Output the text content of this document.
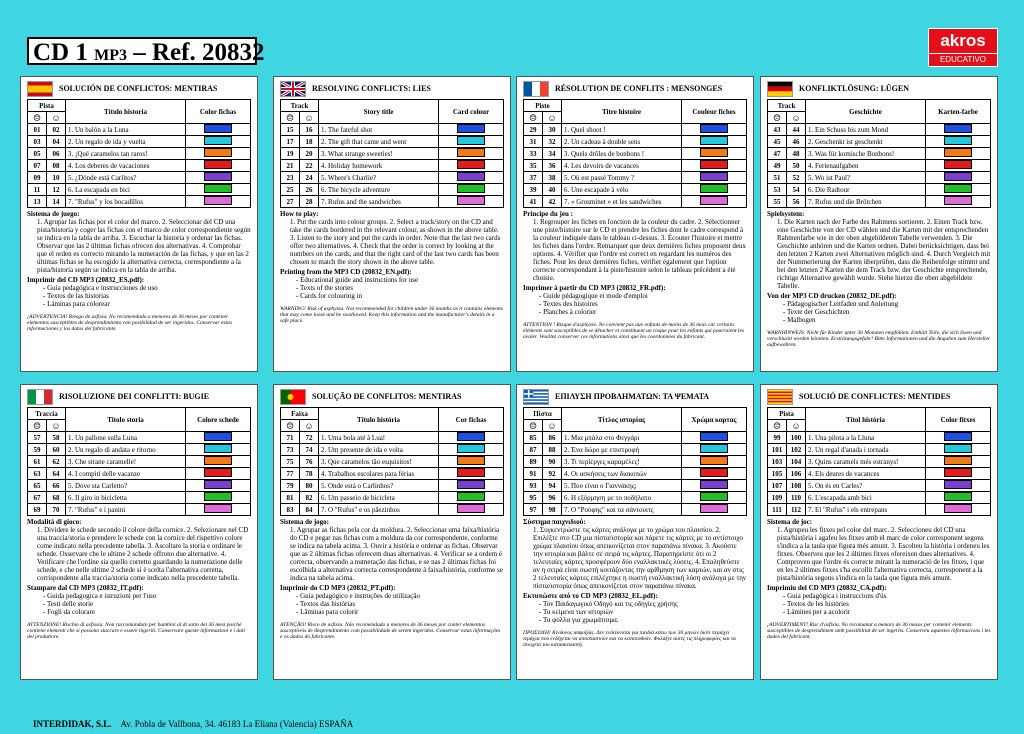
CD 1 MP3 – Ref. 20832	akros
EDUCATIVO
SOLUCIÓN DE CONFLICTOS: MENTIRAS
Pista		Título historia	Color fichas
☹	☺		
01	02	1. Un balón a la Luna	
03	04	2. Un regalo de ida y vuelta	
05	06	3. ¡Qué caramelos tan raros!	
07	08	4. Los deberes de vacaciones	
09	10	5. ¿Dónde está Carlitos?	
11	12	6. La escapada en bici	
13	14	7. "Rufus" y los bocadillos	
Sistema de juego:
1. Agrupar las fichas por el color del marco. 2. Seleccionar del CD una pista/historia y coger las fichas con el marco de color correspondiente según se indica en la tabla de arriba. 3. Escuchar la historia y ordenar las fichas. Observar que las 2 últimas fichas ofrecen dos alternativas. 4. Comprobar que el orden es correcto mirando la numeración de las fichas, y que en las 2 últimas fichas se ha escogido la alternativa correcta, correspondiente a la pista/historia según se indica en la tabla de arriba.
Imprimir del CD MP3 (20832_ES.pdf):
- Guía pedagógica e instrucciones de uso
- Textos de las historias
- Láminas para colorear
¡ADVERTENCIA! Riesgo de asfixia. No recomendado a menores de 36 meses por contener elementos susceptibles de desprendimiento con posibilidad de ser ingeridos. Conservar estas informaciones y los datos del fabricante.
RESOLVING CONFLICTS: LIES
Track		Story title	Card colour
☹	☺		
15	16	1. The fateful shot	
17	18	2. The gift that came and went	
19	20	3. What strange sweeties!	
21	22	4. Holiday homework	
23	24	5. Where's Charlie?	
25	26	6. The bicycle adventure	
27	28	7. Rufus and the sandwiches	
How to play:
1. Put the cards into colour groups. 2. Select a track/story on the CD and take the cards bordered in the relevant colour, as shown in the above table. 3. Listen to the story and put the cards in order. Note that the last two cards offer two alternatives. 4. Check that the order is correct by looking at the numbers on the cards, and that the right card of the last two cards has been chosen to match the story shown in the above table.
Printing from the MP3 CD (20832_EN.pdf):
- Educational guide and instructions for use
- Texts of the stories
- Cards for colouring in
WARNING! Risk of asphyxia. Not recommended for children under 36 months as it contains elements that may come loose and be swallowed. Keep this information and the manufacturer's details in a safe place.
RÉSOLUTION DE CONFLITS : MENSONGES
Piste		Titre histoire	Couleur fiches
☹	☺		
29	30	1. Quel shoot !	
31	32	2. Un cadeau à double sens	
33	34	3. Quels drôles de bonbons !	
35	36	4. Les devoirs de vacances	
37	38	5. Où est passé Tommy ?	
39	40	6. Une escapade à vélo	
41	42	7. « Grosminet » et les sandwiches	
Principe du jeu :
1. Regrouper les fiches en fonction de la couleur du cadre. 2. Sélectionner une piste/histoire sur le CD et prendre les fiches dont le cadre correspond à la couleur indiquée dans le tableau ci-dessus. 3. Écouter l'histoire et mettre les fiches dans l'ordre. Remarquer que deux dernières fiches proposent deux options. 4. Vérifier que l'ordre est correct en regardant les numéros des fiches. Pour les deux dernières fiches, vérifier également que l'option correcte correspondant à la piste/histoire selon le tableau précédent a été choisie.
Imprimer à partir du CD MP3 (20832_FR.pdf):
- Guide pédagogique et mode d'emploi
- Textes des histoires
- Planches à colorier
ATTENTION ! Risque d'asphyxie. Ne convient pas aux enfants de moins de 36 mois car certains éléments sont susceptibles de se détacher et constituent un risque pour les enfants qui pourraient les avaler. Veuillez conserver ces informations ainsi que les coordonnées du fabricant.
KONFLIKTLÖSUNG: LÜGEN
Track		Geschichte	Karten-farbe
☹	☺		
43	44	1. Ein Schuss bis zum Mond	
45	46	2. Geschenkt ist geschenkt	
47	48	3. Was für komische Bonbons!	
49	50	4. Ferienaufgaben	
51	52	5. Wo ist Paul?	
53	54	6. Die Radtour	
55	56	7. Rufus und die Brötchen	
Spielsystem:
1. Die Karten nach der Farbe des Rahmens sortieren. 2. Einen Track bzw. eine Geschichte von der CD wählen und die Karten mit der entsprechenden Rahmenfarbe wie in der oben abgebildeten Tabelle verwenden. 3. Die Geschichte anhören und die Karten ordnen. Dabei berücksichtigen, dass bei den letzten 2 Karten zwei Alternativen möglich sind. 4. Durch Vergleich mit der Nummerierung der Karten überprüfen, dass die Reihenfolge stimmt und bei den letzten 2 Karten die dem Track bzw. der Geschichte entsprechende, richtige Alternative gewählt wurde. Siehe hierzu die oben abgebildete Tabelle.
Von der MP3 CD drucken (20832_DE.pdf):
- Pädagogischer Leitfaden und Anleitung
- Texte der Geschichten
- Malbogen
WARNHINWEIS: Nicht für Kinder unter 36 Monaten empfohlen. Enthält Teile, die sich lösen und verschluckt werden könnten. Erstickungsgefahr! Bitte Informationen und die Angaben zum Hersteller aufbewahren.
RISOLUZIONE DEI CONFLITTI: BUGIE
Traccia		Titolo storia	Colore schede
☹	☺		
57	58	1. Un pallone sulla Luna	
59	60	2. Un regalo di andata e ritorno	
61	62	3. Che strane caramelle!	
63	64	4. I compiti delle vacanze	
65	66	5. Dove sta Carletto?	
67	68	6. Il giro in bicicletta	
69	70	7. "Rufus" e i panini	
Modalità di gioco:
1. Dividere le schede secondo il colore della cornice. 2. Selezionare nel CD una traccia/storia e prendere le schede con la cornice del rispettivo colore come indicato nella precedente tabella. 3. Ascoltare la storia e ordinare le schede. Osservare che le ultime 2 schede offrono due alternative. 4. Verificare che l'ordine sia quello corretto guardando la numerazione delle schede, e che nelle ultime 2 schede si è scelta l'alternativa corretta, corrispondente alla traccia/storia come indicato nella precedente tabella.
Stampare dal CD MP3 (20832_IT.pdf):
- Guida pedagogica e istruzioni per l'uso
- Testi delle storie
- Fogli da colorare
ATTENZIONE! Rischio di asfissia. Non raccomandato per bambini al di sotto dei 36 mesi poiché contiene elementi che si possono staccare e essere ingeriti. Conservare queste informazioni e i dati del produttore.
SOLUÇÃO DE CONFLITOS: MENTIRAS
Faixa		Título história	Cor fichas
☹	☺		
71	72	1. Uma bola até à Lua!	
73	74	2. Um presente de ida e volta	
75	76	3. Que caramelos tão esquisitos!	
77	78	4. Trabalhos escolares para férias	
79	80	5. Onde está o Carlinhos?	
81	82	6. Um passeio de bicicleta	
83	84	7. O "Rufus" e os pãezinhos	
Sistema de jogo:
1. Agrupar as fichas pela cor da moldura. 2. Seleccionar uma faixa/história do CD e pegar nas fichas com a moldura da cor correspondente, conforme se indica na tabela acima. 3. Ouvir a história e ordenar as fichas. Observar que as 2 últimas fichas oferecem duas alternativas. 4. Verificar se a ordem é correcta, observando a numeração das fichas, e se nas 2 últimas fichas foi escolhida a alternativa correcta correspondente à faixa/história, conforme se indica na tabela acima.
Imprimir do CD MP3 (20832_PT.pdf):
- Guia pedagógico e instruções de utilização
- Textos das histórias
- Lâminas para colorir
ATENÇÃO! Risco de asfixia. Não recomendado a menores de 36 meses por conter elementos susceptíveis de desprendimento com possibilidade de serem ingeridos. Conservar estas informações e os dados do fabricante.
ΕΠΙΛΥΣΗ ΠΡΟΒΛΗΜΑΤΩΝ: ΤΑ ΨΕΜΑΤΑ
Πίστα		Τίτλος ιστορίας	Χρώμα καρτας
☹	☺		
85	86	1. Μια μπάλα στο Φεγγάρι	
87	88	2. Ένα δώρο με επιστροφή	
89	90	3. Τι περίεργες καραμέλες!	
91	92	4. Οι ασκήσεις των διακοπών	
93	94	5. Που είναι ο Γιαννάκης;	
95	96	6. Η εξόρμηση με το ποδήλατο	
97	98	7. Ο "Ρούφης" και τα σάντουιτς	
Σύστημα παιχνιδιού:
1. Συγκεντρώστε τις κάρτες ανάλογα με το χρώμα του πλαισίου. 2. Επιλέξτε στο CD μια πίστα/ιστορία και πάρετε τις κάρτες με το αντίστοιχο χρώμα πλαισίου όπως απεικονίζεται στον παραπάνω πίνακα. 3. Ακούστε την ιστορία και βάλτε σε σειρά τις κάρτες. Παρατηρείστε ότι οι 2 τελευταίες κάρτες προσφέρουν δύο εναλλακτικές λύσεις. 4. Επαληθεύστε αν η σειρά είναι σωστή κοιτάζοντας την αρίθμηση των καρτών, και αν στις 2 τελευταίες κάρτες επιλέχτηκε η σωστή εναλλακτική λύση ανάλογα με την πίστα/ιστορία όπως απεικονίζεται στον παραπάνω πίνακα.
Εκτυπώστε από το CD MP3 (20832_EL.pdf):
- Τον Παιδαγωγικό Οδηγό και τις οδηγίες χρήσης
- Τα κείμενα των ιστοριών
- Τα φύλλα για χρωμάτισμα.
ΠΡΟΣΟΧΗ! Κίνδυνος ασφυξίας. Δεν ενδείκνυται για παιδιά κάτω των 36 μηνών διότι περιέχει τεμάχια που ενδέχεται να αποσπαστούν και να καταποθούν. Φυλάξτε αυτές τις πληροφορίες και τα στοιχεία του κατασκευαστή.
SOLUCIÓ DE CONFLICTES: MENTIDES
Pista		Títol història	Color fitxes
☹	☺		
99	100	1. Una pilota a la Lluna	
101	102	2. Un regal d'anada i tornada	
103	104	3. Quins caramels més estranys!	
105	106	4. Els deures de vacances	
107	108	5. On és en Carles?	
109	110	6. L'escapada amb bici	
111	112	7. El "Rufus" i els entrepans	
Sistema de joc:
1. Agrupeu les fitxes pel color del marc. 2. Seleccioneu del CD una pista/història i agafeu les fitxes amb el marc de color corresponent segons s'indica a la taula que figura més amunt. 3. Escolteu la història i ordeneu les fitxes. Observeu que les 2 últimes fitxes ofereixen dues alternatives. 4. Comproveu que l'ordre és correcte mirant la numeració de les fitxes, i que en les 2 últimes fitxes s'ha escollit l'alternativa correcta, corresponent a la pista/història segons s'indica en la taula que figura més amunt.
Imprimiu del CD MP3 (20832_CA.pdf):
- Guia pedagògica i instruccions d'ús
- Textos de les històries
- Làmines per a acolorir
¡ADVERTIMENT! Risc d'asfixia. No recomanat a menors de 36 mesos per contenir elements susceptibles de desprendiment amb possibilitat de ser ingerits. Conserveu aquestes informacions i les dades del fabricant.
INTERDIDAK, S.L. Av. Pobla de Vallbona, 34. 46183 La Eliana (Valencia) ESPAÑA
